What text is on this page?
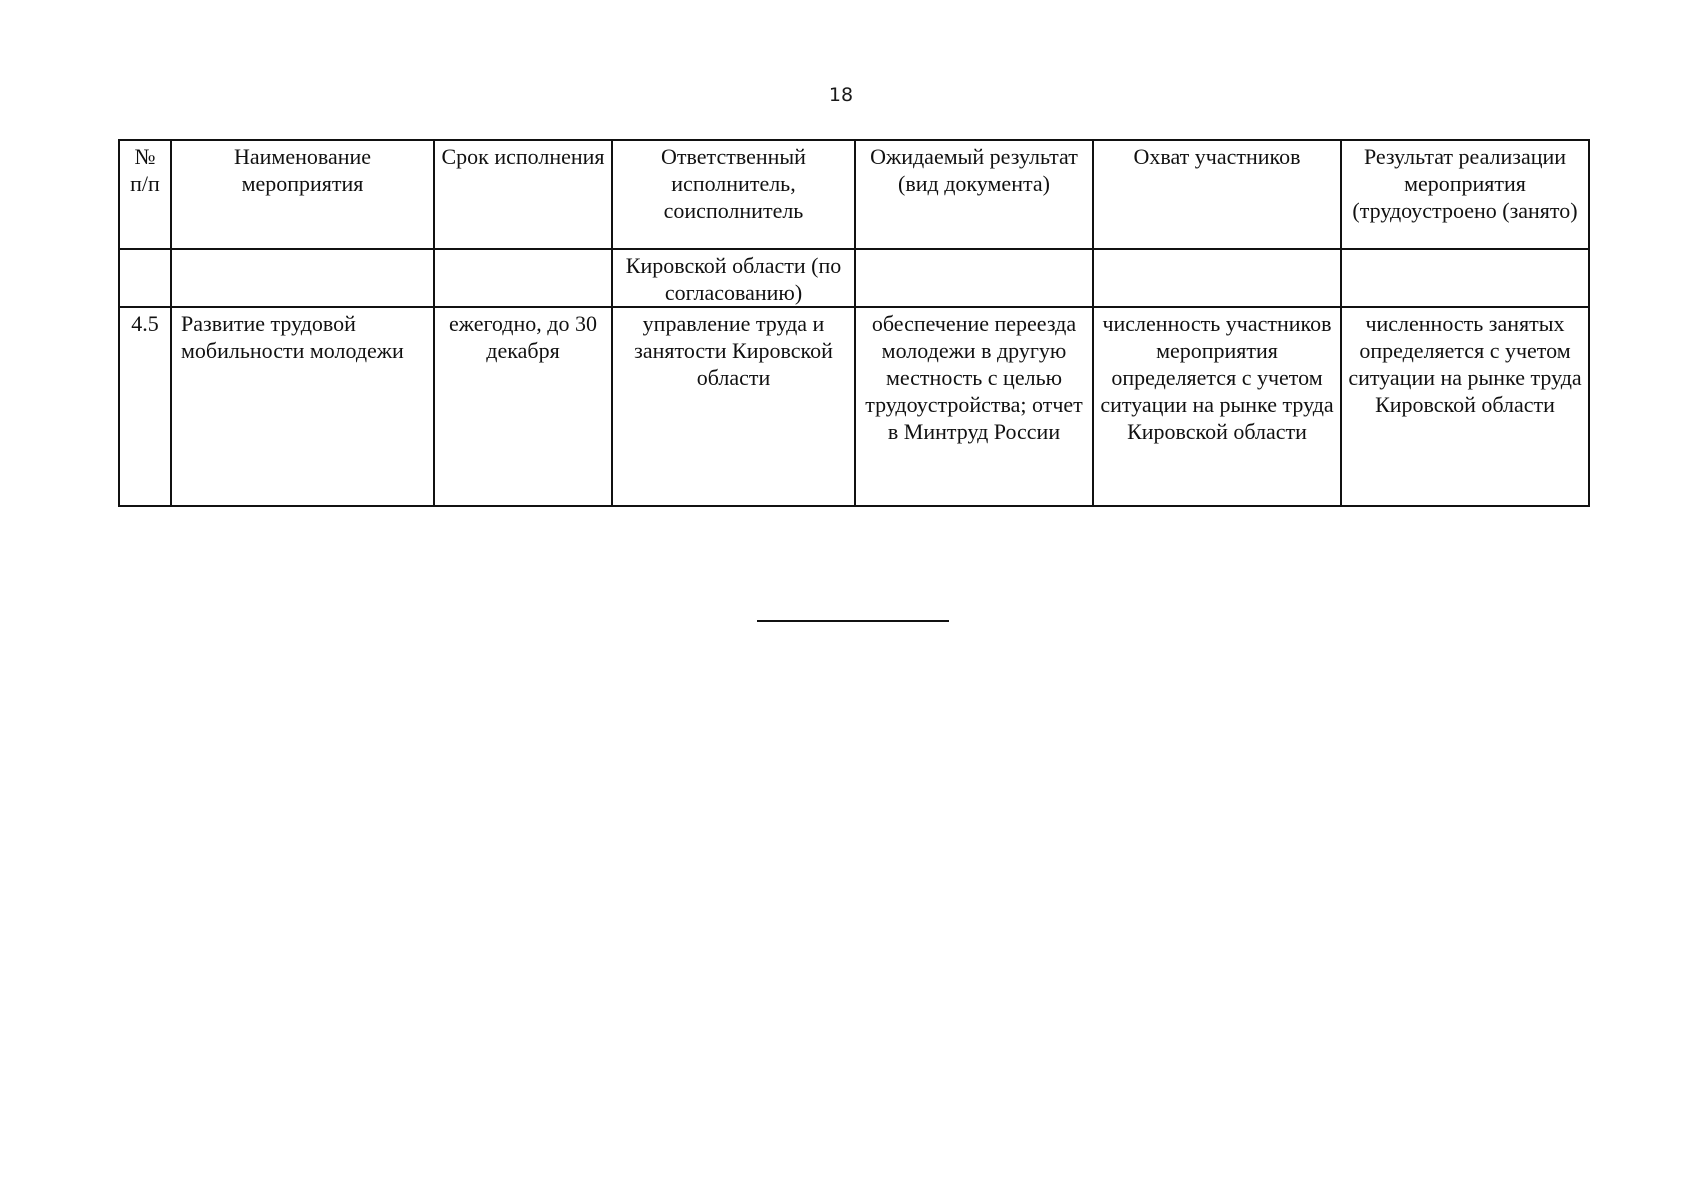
18
№ п/п	Наименование мероприятия	Срок исполнения	Ответственный исполнитель, соисполнитель	Ожидаемый результат (вид документа)	Охват участников	Результат реализации мероприятия (трудоустроено (занято)
			Кировской области (по согласованию)			
4.5	Развитие трудовой мобильности молодежи	ежегодно, до 30 декабря	управление труда и занятости Кировской области	обеспечение переезда молодежи в другую местность с целью трудоустройства; отчет в Минтруд России	численность участников мероприятия определяется с учетом ситуации на рынке труда Кировской области	численность занятых определяется с учетом ситуации на рынке труда Кировской области
